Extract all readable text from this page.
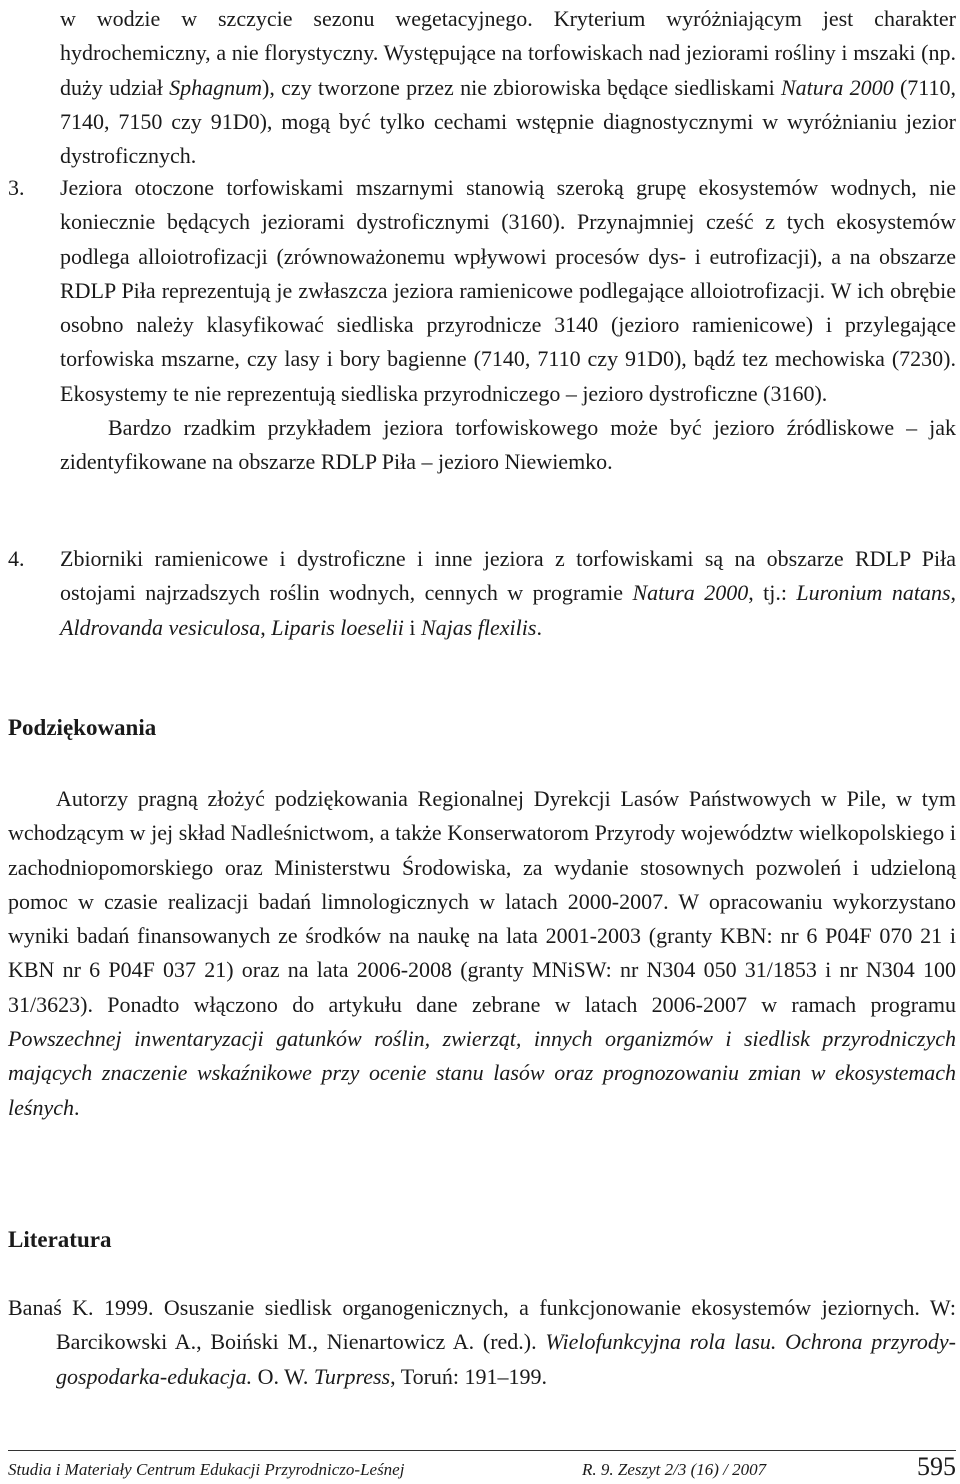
w wodzie w szczycie sezonu wegetacyjnego. Kryterium wyróżniającym jest charakter hydrochemiczny, a nie florystyczny. Występujące na torfowiskach nad jeziorami rośliny i mszaki (np. duży udział Sphagnum), czy tworzone przez nie zbiorowiska będące siedliskami Natura 2000 (7110, 7140, 7150 czy 91D0), mogą być tylko cechami wstępnie diagnostycznymi w wyróżnianiu jezior dystroficznych.

3.	Jeziora otoczone torfowiskami mszarnymi stanowią szeroką grupę ekosystemów wodnych, nie koniecznie będących jeziorami dystroficznymi (3160). Przynajmniej cześć z tych ekosystemów podlega alloiotrofizacji (zrównoważonemu wpływowi procesów dys- i eutrofizacji), a na obszarze RDLP Piła reprezentują je zwłaszcza jeziora ramienicowe podlegające alloiotrofizacji. W ich obrębie osobno należy klasyfikować siedliska przyrodnicze 3140 (jezioro ramienicowe) i przylegające torfowiska mszarne, czy lasy i bory bagienne (7140, 7110 czy 91D0), bądź tez mechowiska (7230). Ekosystemy te nie reprezentują siedliska przyrodniczego – jezioro dystroficzne (3160).

Bardzo rzadkim przykładem jeziora torfowiskowego może być jezioro źródliskowe – jak zidentyfikowane na obszarze RDLP Piła – jezioro Niewiemko.

4.	Zbiorniki ramienicowe i dystroficzne i inne jeziora z torfowiskami są na obszarze RDLP Piła ostojami najrzadszych roślin wodnych, cennych w programie Natura 2000, tj.: Luronium natans, Aldrovanda vesiculosa, Liparis loeselii i Najas flexilis.

Podziękowania
Autorzy pragną złożyć podziękowania Regionalnej Dyrekcji Lasów Państwowych w Pile, w tym wchodzącym w jej skład Nadleśnictwom, a także Konserwatorom Przyrody województw wielkopolskiego i zachodniopomorskiego oraz Ministerstwu Środowiska, za wydanie stosownych pozwoleń i udzieloną pomoc w czasie realizacji badań limnologicznych w latach 2000-2007. W opracowaniu wykorzystano wyniki badań finansowanych ze środków na naukę na lata 2001-2003 (granty KBN: nr 6 P04F 070 21 i KBN nr 6 P04F 037 21) oraz na lata 2006-2008 (granty MNiSW: nr N304 050 31/1853 i nr N304 100 31/3623). Ponadto włączono do artykułu dane zebrane w latach 2006-2007 w ramach programu Powszechnej inwentaryzacji gatunków roślin, zwierząt, innych organizmów i siedlisk przyrodniczych mających znaczenie wskaźnikowe przy ocenie stanu lasów oraz prognozowaniu zmian w ekosystemach leśnych.
Literatura
Banaś K. 1999. Osuszanie siedlisk organogenicznych, a funkcjonowanie ekosystemów jeziornych. W: Barcikowski A., Boiński M., Nienartowicz A. (red.). Wielofunkcyjna rola lasu. Ochrona przyrody-gospodarka-edukacja. O. W. Turpress, Toruń: 191–199.
Studia i Materiały Centrum Edukacji Przyrodniczo-Leśnej	R. 9. Zeszyt 2/3 (16) / 2007	595
